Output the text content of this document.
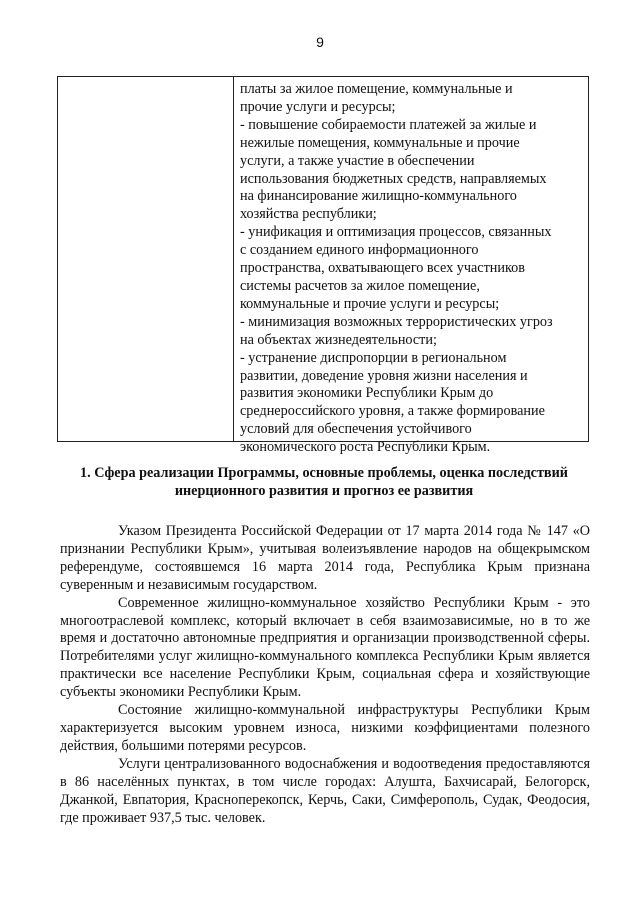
9
платы за жилое помещение, коммунальные и
прочие услуги и ресурсы;
- повышение собираемости платежей за жилые и
нежилые помещения, коммунальные и прочие
услуги, а также участие в обеспечении
использования бюджетных средств, направляемых
на финансирование жилищно-коммунального
хозяйства республики;
- унификация и оптимизация процессов, связанных
с созданием единого информационного
пространства, охватывающего всех участников
системы расчетов за жилое помещение,
коммунальные и прочие услуги и ресурсы;
- минимизация возможных террористических угроз
на объектах жизнедеятельности;
- устранение диспропорции в региональном
развитии, доведение уровня жизни населения и
развития экономики Республики Крым до
среднероссийского уровня, а также формирование
условий для обеспечения устойчивого
экономического роста Республики Крым.
1. Сфера реализации Программы, основные проблемы, оценка последствий
инерционного развития и прогноз ее развития

Указом Президента Российской Федерации от 17 марта 2014 года № 147 «О признании Республики Крым», учитывая волеизъявление народов на общекрымском референдуме, состоявшемся 16 марта 2014 года, Республика Крым признана суверенным и независимым государством.

Современное жилищно-коммунальное хозяйство Республики Крым - это многоотраслевой комплекс, который включает в себя взаимозависимые, но в то же время и достаточно автономные предприятия и организации производственной сферы. Потребителями услуг жилищно-коммунального комплекса Республики Крым является практически все население Республики Крым, социальная сфера и хозяйствующие субъекты экономики Республики Крым.

Состояние жилищно-коммунальной инфраструктуры Республики Крым характеризуется высоким уровнем износа, низкими коэффициентами полезного действия, большими потерями ресурсов.

Услуги централизованного водоснабжения и водоотведения предоставляются в 86 населённых пунктах, в том числе городах: Алушта, Бахчисарай, Белогорск, Джанкой, Евпатория, Красноперекопск, Керчь, Саки, Симферополь, Судак, Феодосия, где проживает 937,5 тыс. человек.
